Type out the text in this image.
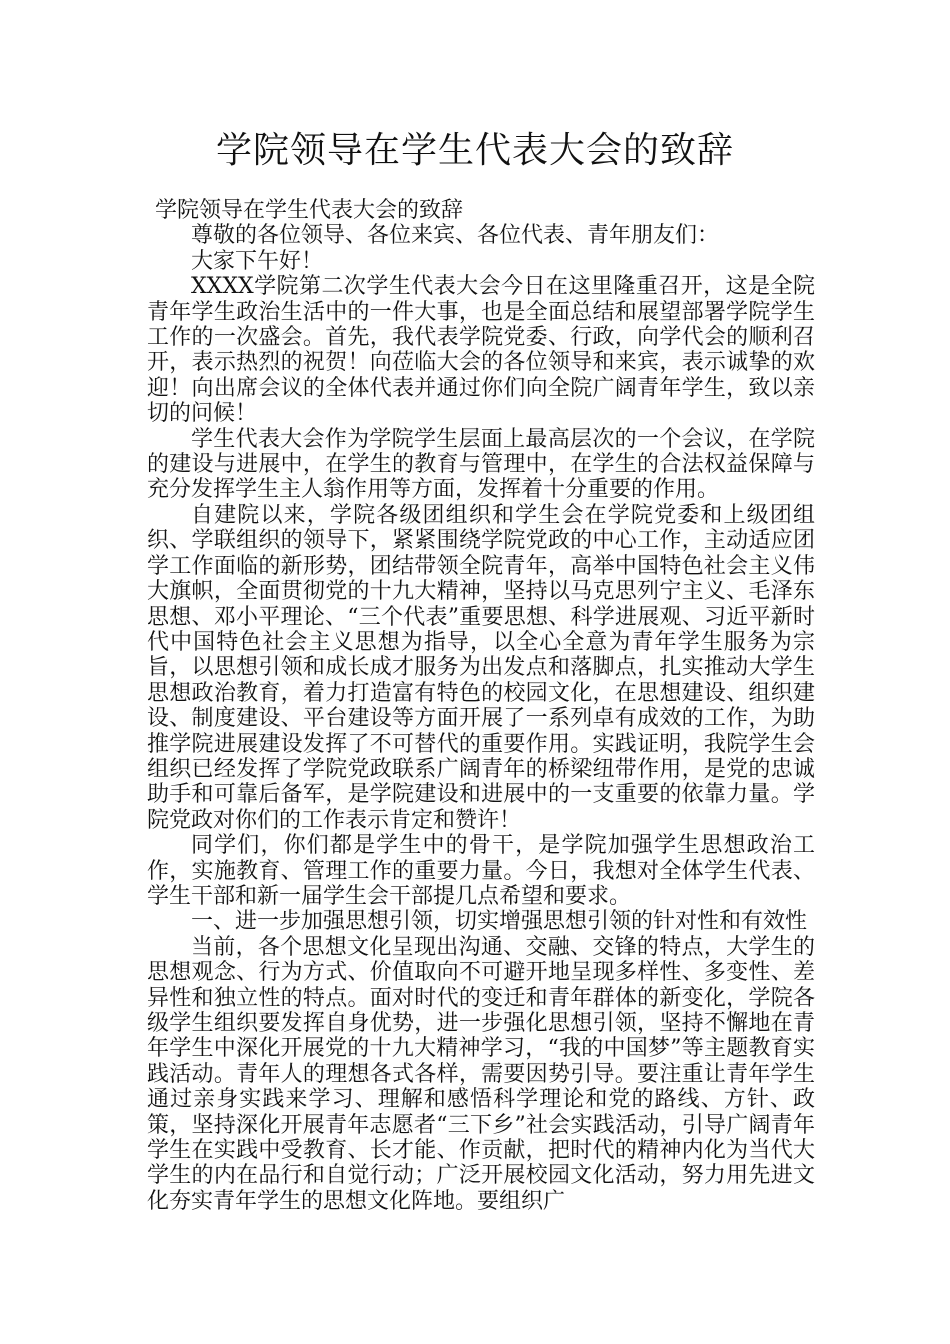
学院领导在学生代表大会的致辞

学院领导在学生代表大会的致辞

尊敬的各位领导、各位来宾、各位代表、青年朋友们：

大家下午好！

XXXX学院第二次学生代表大会今日在这里隆重召开，这是全院青年学生政治生活中的一件大事，也是全面总结和展望部署学院学生工作的一次盛会。首先，我代表学院党委、行政，向学代会的顺利召开，表示热烈的祝贺！向莅临大会的各位领导和来宾，表示诚挚的欢迎！向出席会议的全体代表并通过你们向全院广阔青年学生，致以亲切的问候！

学生代表大会作为学院学生层面上最高层次的一个会议，在学院的建设与进展中，在学生的教育与管理中，在学生的合法权益保障与充分发挥学生主人翁作用等方面，发挥着十分重要的作用。

自建院以来，学院各级团组织和学生会在学院党委和上级团组织、学联组织的领导下，紧紧围绕学院党政的中心工作，主动适应团学工作面临的新形势，团结带领全院青年，高举中国特色社会主义伟大旗帜，全面贯彻党的十九大精神，坚持以马克思列宁主义、毛泽东思想、邓小平理论、“三个代表”重要思想、科学进展观、习近平新时代中国特色社会主义思想为指导，以全心全意为青年学生服务为宗旨，以思想引领和成长成才服务为出发点和落脚点，扎实推动大学生思想政治教育，着力打造富有特色的校园文化，在思想建设、组织建设、制度建设、平台建设等方面开展了一系列卓有成效的工作，为助推学院进展建设发挥了不可替代的重要作用。实践证明，我院学生会组织已经发挥了学院党政联系广阔青年的桥梁纽带作用，是党的忠诚助手和可靠后备军，是学院建设和进展中的一支重要的依靠力量。学院党政对你们的工作表示肯定和赞许！

同学们，你们都是学生中的骨干，是学院加强学生思想政治工作，实施教育、管理工作的重要力量。今日，我想对全体学生代表、学生干部和新一届学生会干部提几点希望和要求。

一、进一步加强思想引领，切实增强思想引领的针对性和有效性

当前，各个思想文化呈现出沟通、交融、交锋的特点，大学生的思想观念、行为方式、价值取向不可避开地呈现多样性、多变性、差异性和独立性的特点。面对时代的变迁和青年群体的新变化，学院各级学生组织要发挥自身优势，进一步强化思想引领，坚持不懈地在青年学生中深化开展党的十九大精神学习，“我的中国梦”等主题教育实践活动。青年人的理想各式各样，需要因势引导。要注重让青年学生通过亲身实践来学习、理解和感悟科学理论和党的路线、方针、政策，坚持深化开展青年志愿者“三下乡”社会实践活动，引导广阔青年学生在实践中受教育、长才能、作贡献，把时代的精神内化为当代大学生的内在品行和自觉行动；广泛开展校园文化活动，努力用先进文化夯实青年学生的思想文化阵地。要组织广
